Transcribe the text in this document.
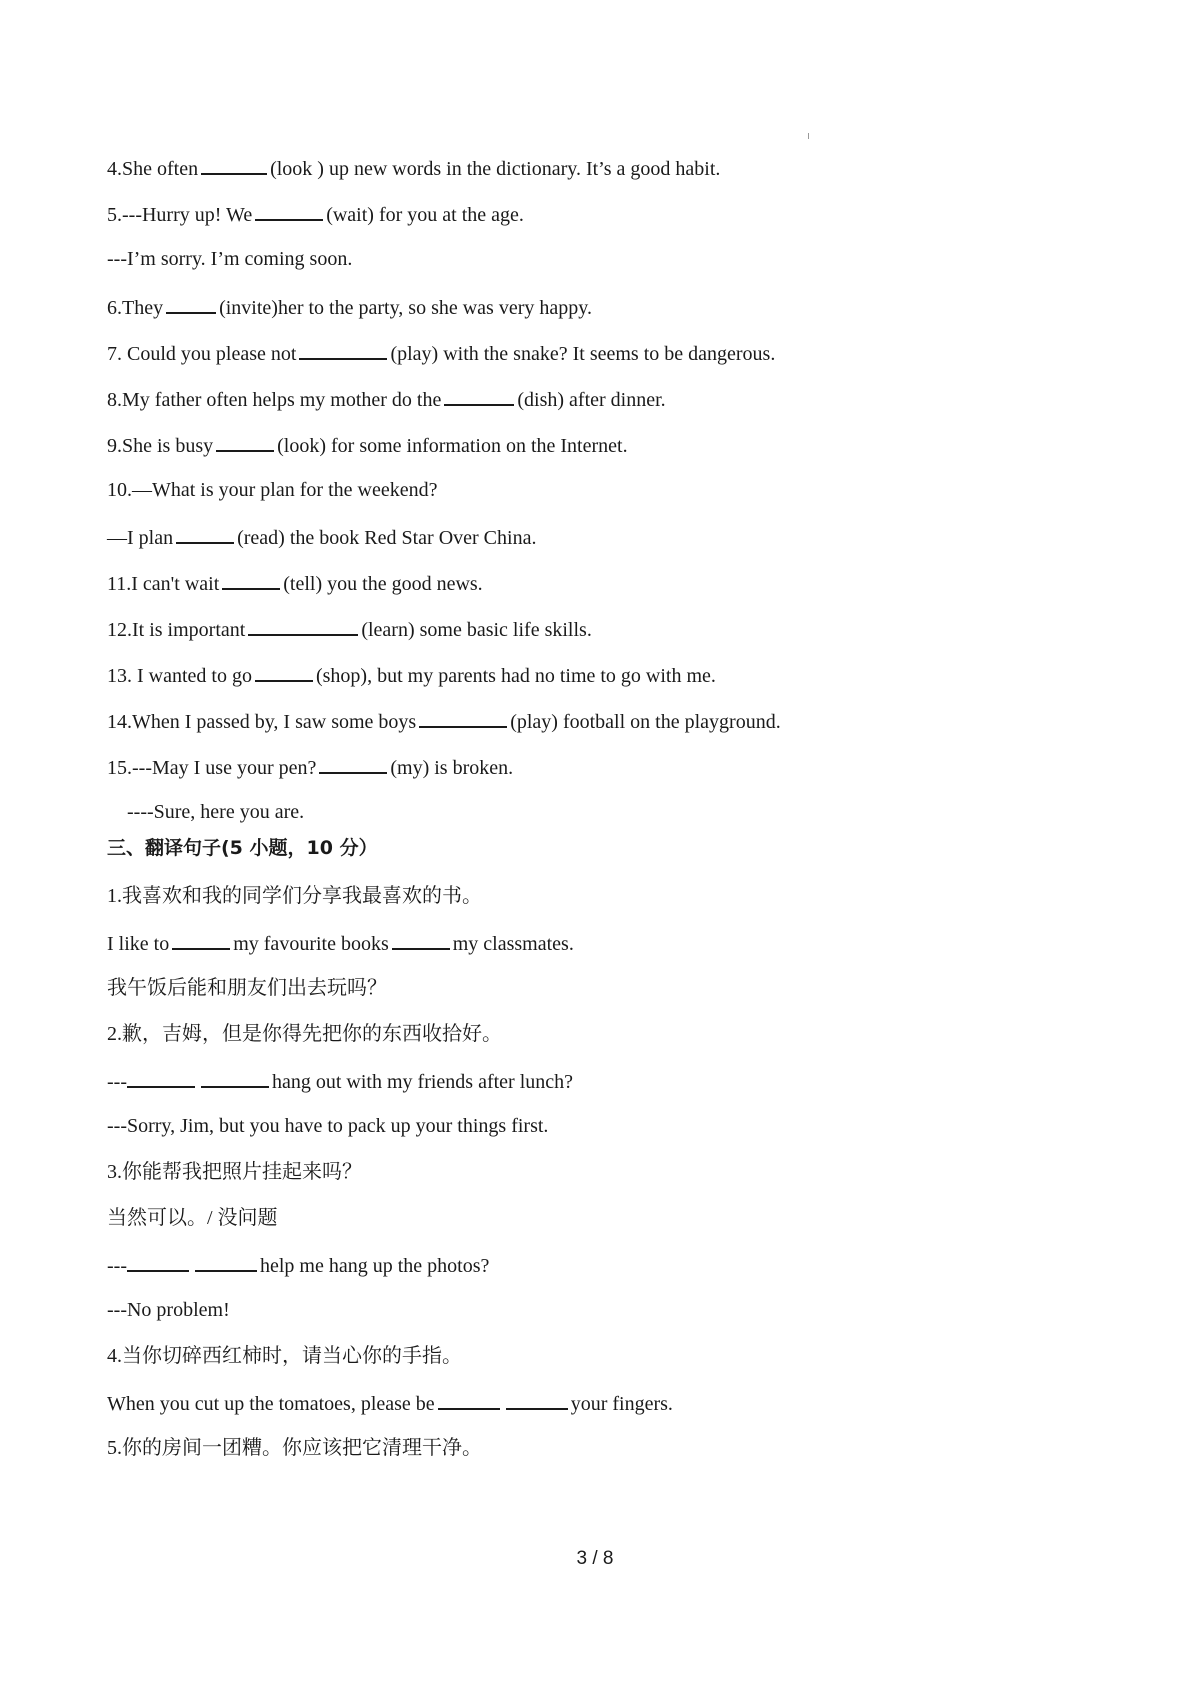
4.She often	(look ) up new words in the dictionary. It’s a good habit.
5.---Hurry up! We	(wait) for you at the age.
---I’m sorry. I’m coming soon.
6.They	(invite)her to the party, so she was very happy.
7. Could you please not	(play) with the snake? It seems to be dangerous.
8.My father often helps my mother do the	(dish) after dinner.
9.She is busy	(look) for some information on the Internet.
10.—What is your plan for the weekend?
—I plan	(read) the book Red Star Over China.
11.I can't wait	(tell) you the good news.
12.It is important	(learn) some basic life skills.
13. I wanted to go	(shop), but my parents had no time to go with me.
14.When I passed by, I saw some boys	(play) football on the playground.
15.---May I use your pen?	(my) is broken.
----Sure, here you are.
三、翻译句子(5 小题，10 分）
1.我喜欢和我的同学们分享我最喜欢的书。
I like to	my favourite books	my classmates.
我午饭后能和朋友们出去玩吗？
2.歉，吉姆，但是你得先把你的东西收拾好。
---	hang out with my friends after lunch?
---Sorry, Jim, but you have to pack up your things first.
3.你能帮我把照片挂起来吗？
当然可以。/ 没问题
---	help me hang up the photos?
---No problem!
4.当你切碎西红柿时，请当心你的手指。
When you cut up the tomatoes, please be	your fingers.
5.你的房间一团糟。你应该把它清理干净。
3 / 8
